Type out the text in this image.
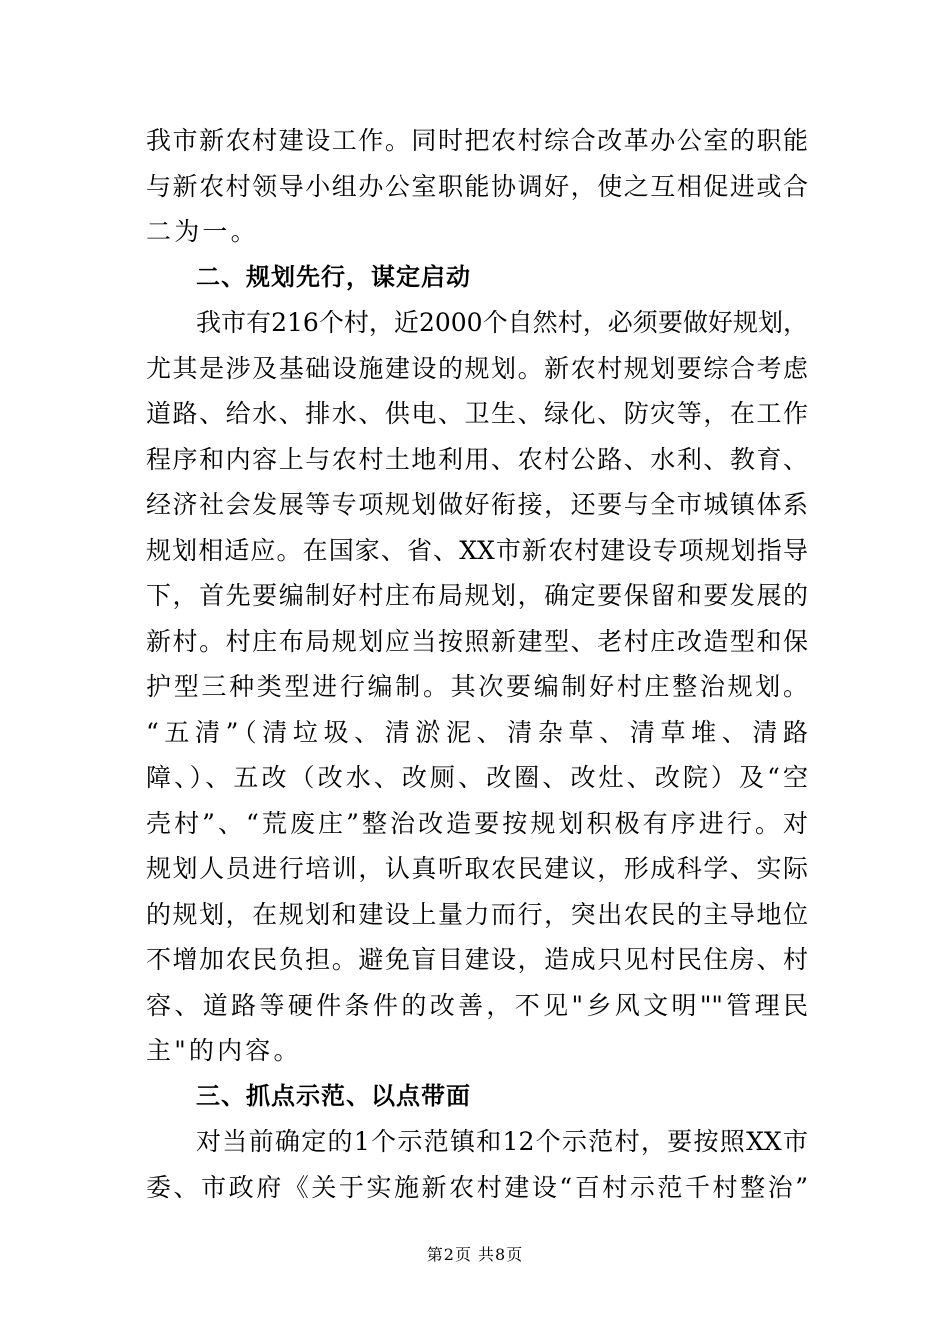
我市新农村建设工作。同时把农村综合改革办公室的职能
与新农村领导小组办公室职能协调好，使之互相促进或合
二为一。
二、规划先行，谋定启动
我市有216个村，近2000个自然村，必须要做好规划，
尤其是涉及基础设施建设的规划。新农村规划要综合考虑
道路、给水、排水、供电、卫生、绿化、防灾等，在工作
程序和内容上与农村土地利用、农村公路、水利、教育、
经济社会发展等专项规划做好衔接，还要与全市城镇体系
规划相适应。在国家、省、XX市新农村建设专项规划指导
下，首先要编制好村庄布局规划，确定要保留和要发展的
新村。村庄布局规划应当按照新建型、老村庄改造型和保
护型三种类型进行编制。其次要编制好村庄整治规划。
“五清”（清垃圾、清淤泥、清杂草、清草堆、清路
障、）、五改（改水、改厕、改圈、改灶、改院）及“空
壳村”、“荒废庄”整治改造要按规划积极有序进行。对
规划人员进行培训，认真听取农民建议，形成科学、实际
的规划，在规划和建设上量力而行，突出农民的主导地位
不增加农民负担。避免盲目建设，造成只见村民住房、村
容、道路等硬件条件的改善，不见"乡风文明""管理民
主"的内容。
三、抓点示范、以点带面
对当前确定的1个示范镇和12个示范村，要按照XX市
委、市政府《关于实施新农村建设“百村示范千村整治”
第2页 共8页
